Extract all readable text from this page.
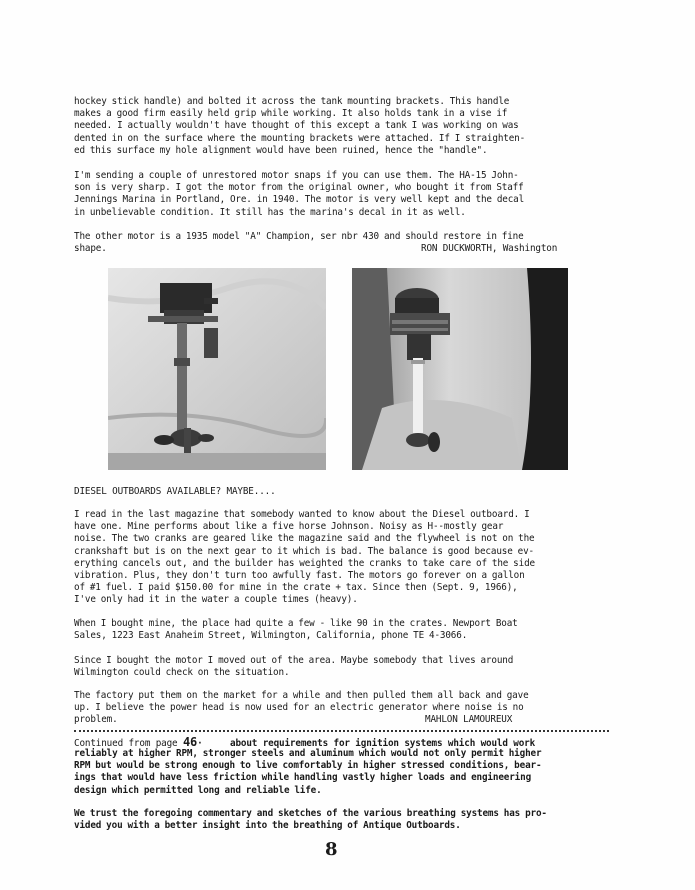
hockey stick handle) and bolted it across the tank mounting brackets. This handle
makes a good firm easily held grip while working. It also holds tank in a vise if
needed. I actually wouldn't have thought of this except a tank I was working on was
dented in on the surface where the mounting brackets were attached. If I straighten-
ed this surface my hole alignment would have been ruined, hence the "handle".

I'm sending a couple of unrestored motor snaps if you can use them. The HA-15 John-
son is very sharp. I got the motor from the original owner, who bought it from Staff
Jennings Marina in Portland, Ore. in 1940. The motor is very well kept and the decal
in unbelievable condition. It still has the marina's decal in it as well.

The other motor is a 1935 model "A" Champion, ser nbr 430 and should restore in fine
shape.	RON DUCKWORTH, Washington
DIESEL OUTBOARDS AVAILABLE? MAYBE....

I read in the last magazine that somebody wanted to know about the Diesel outboard. I
have one. Mine performs about like a five horse Johnson. Noisy as H--mostly gear
noise. The two cranks are geared like the magazine said and the flywheel is not on the
crankshaft but is on the next gear to it which is bad. The balance is good because ev-
erything cancels out, and the builder has weighted the cranks to take care of the side
vibration. Plus, they don't turn too awfully fast. The motors go forever on a gallon
of #1 fuel. I paid $150.00 for mine in the crate + tax. Since then (Sept. 9, 1966),
I've only had it in the water a couple times (heavy).

When I bought mine, the place had quite a few - like 90 in the crates. Newport Boat
Sales, 1223 East Anaheim Street, Wilmington, California, phone TE 4-3066.

Since I bought the motor I moved out of the area. Maybe somebody that lives around
Wilmington could check on the situation.

The factory put them on the market for a while and then pulled them all back and gave
up. I believe the power head is now used for an electric generator where noise is no
problem.	MAHLON LAMOUREUX
Continued from page 46·	about requirements for ignition systems which would work

reliably at higher RPM, stronger steels and aluminum which would not only permit higher
RPM but would be strong enough to live comfortably in higher stressed conditions, bear-
ings that would have less friction while handling vastly higher loads and engineering
design which permitted long and reliable life.

We trust the foregoing commentary and sketches of the various breathing systems has pro-
vided you with a better insight into the breathing of Antique Outboards.

8
